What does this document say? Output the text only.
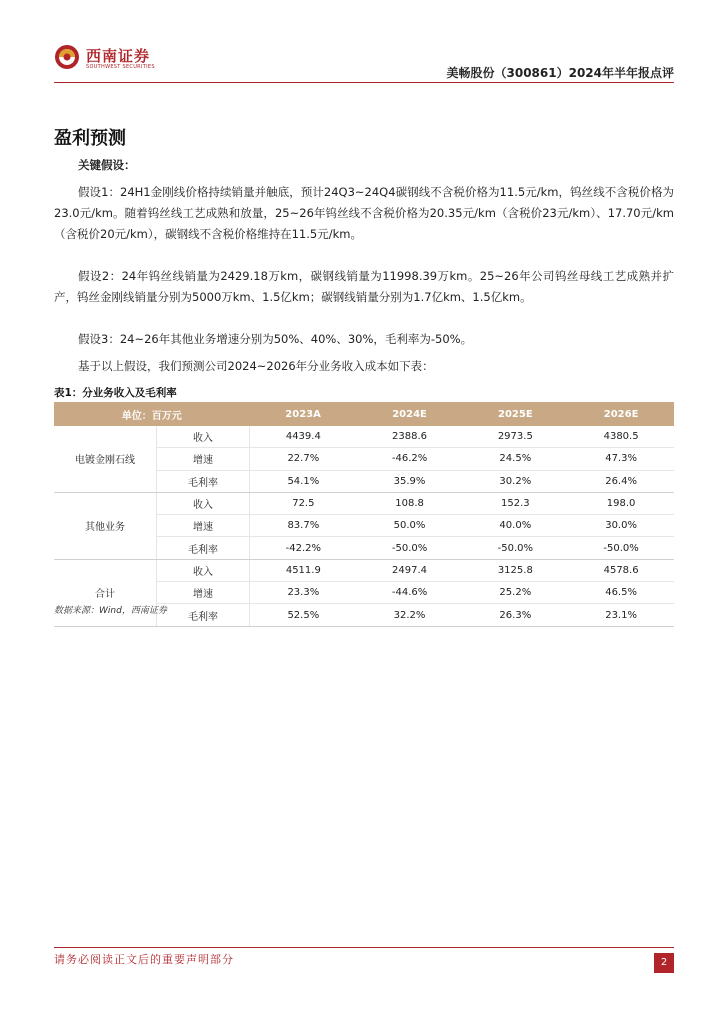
西南证券
SOUTHWEST SECURITIES	美畅股份（300861）2024年半年报点评
盈利预测
关键假设：
假设1：24H1金刚线价格持续销量并触底，预计24Q3~24Q4碳钢线不含税价格为11.5元/km，钨丝线不含税价格为23.0元/km。随着钨丝线工艺成熟和放量，25~26年钨丝线不含税价格为20.35元/km（含税价23元/km）、17.70元/km（含税价20元/km），碳钢线不含税价格维持在11.5元/km。
假设2：24年钨丝线销量为2429.18万km，碳钢线销量为11998.39万km。25~26年公司钨丝母线工艺成熟并扩产，钨丝金刚线销量分别为5000万km、1.5亿km；碳钢线销量分别为1.7亿km、1.5亿km。
假设3：24~26年其他业务增速分别为50%、40%、30%，毛利率为-50%。
基于以上假设，我们预测公司2024~2026年分业务收入成本如下表：
表1：分业务收入及毛利率
单位：百万元		2023A	2024E	2025E	2026E
电镀金刚石线	收入	4439.4	2388.6	2973.5	4380.5
	增速	22.7%	-46.2%	24.5%	47.3%
	毛利率	54.1%	35.9%	30.2%	26.4%
其他业务	收入	72.5	108.8	152.3	198.0
	增速	83.7%	50.0%	40.0%	30.0%
	毛利率	-42.2%	-50.0%	-50.0%	-50.0%
合计	收入	4511.9	2497.4	3125.8	4578.6
	增速	23.3%	-44.6%	25.2%	46.5%
	毛利率	52.5%	32.2%	26.3%	23.1%
数据来源：Wind，西南证券
请务必阅读正文后的重要声明部分	2
